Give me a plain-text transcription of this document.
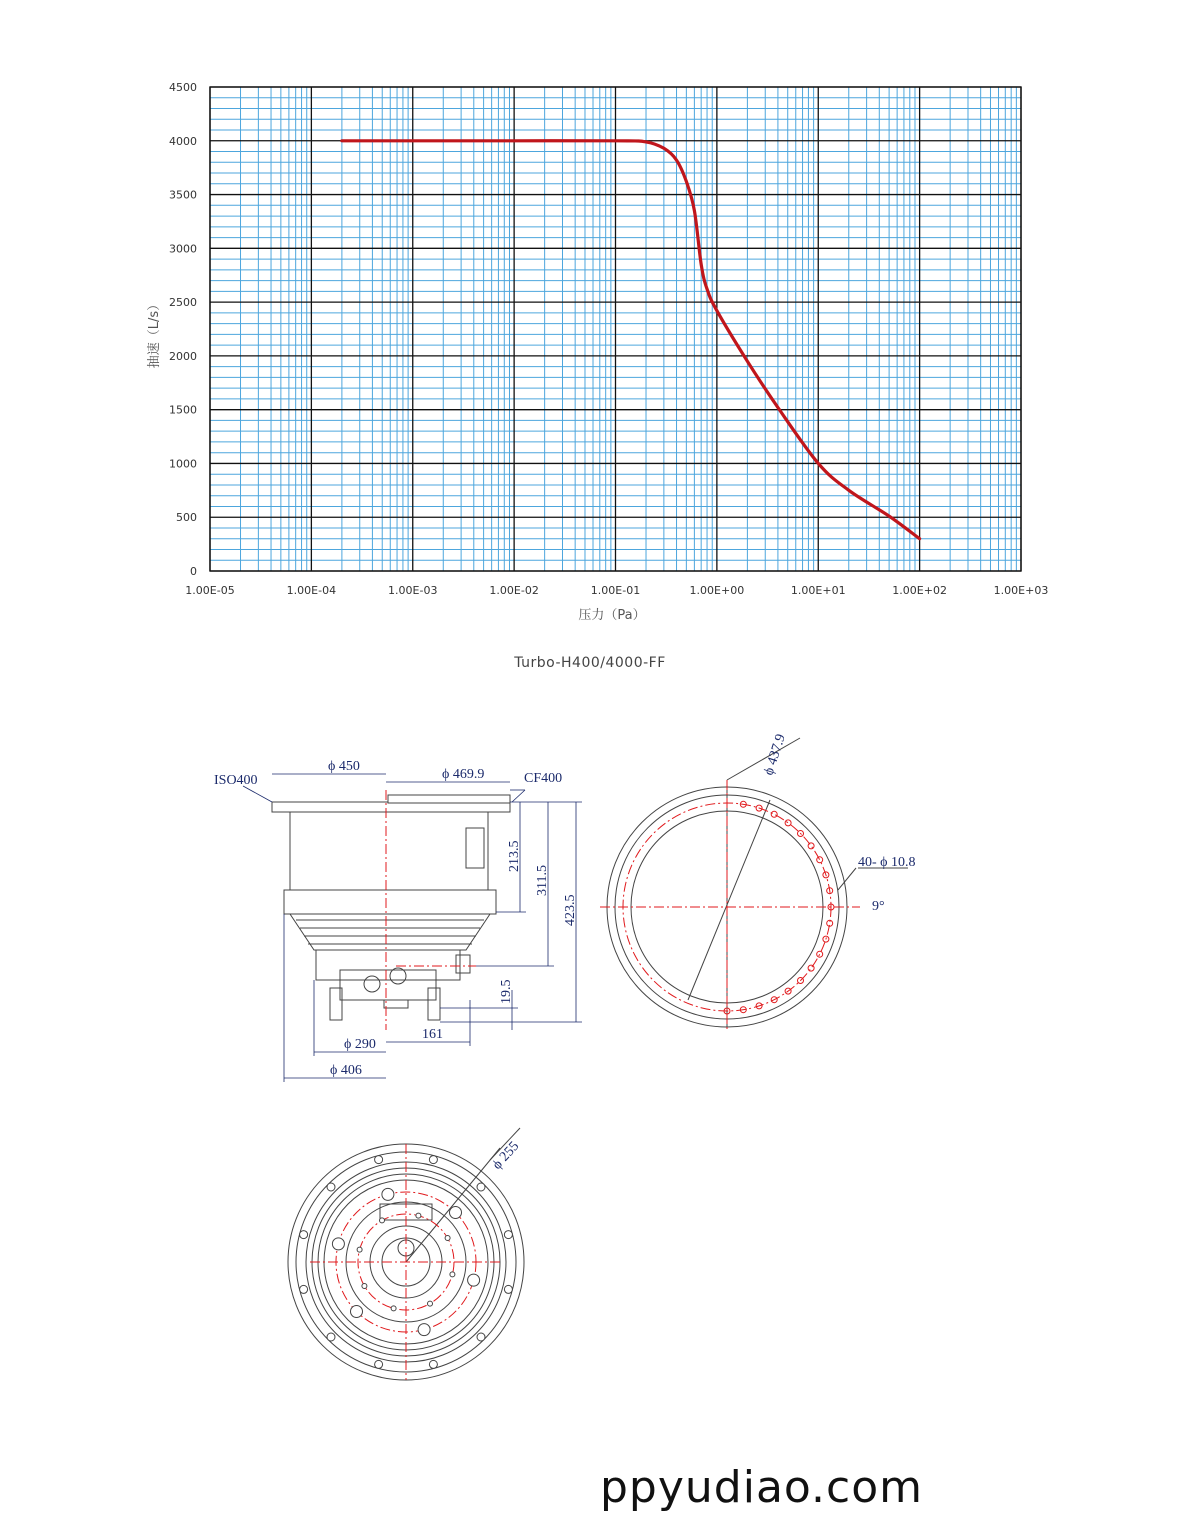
0
500
1000
1500
2000
2500
3000
3500
4000
4500
1.00E-05	1.00E-04	1.00E-03	1.00E-02	1.00E-01	1.00E+00	1.00E+01	1.00E+02	1.00E+03
抽速（L/s）
压力（Pa）
Turbo-H400/4000-FF
ISO400
ϕ 450
ϕ 469.9	CF400
213.5
311.5
423.5
19.5
161
ϕ 290
ϕ 406
ϕ 437.9
40- ϕ 10.8
9°
ϕ 255
ppyudiao.com
